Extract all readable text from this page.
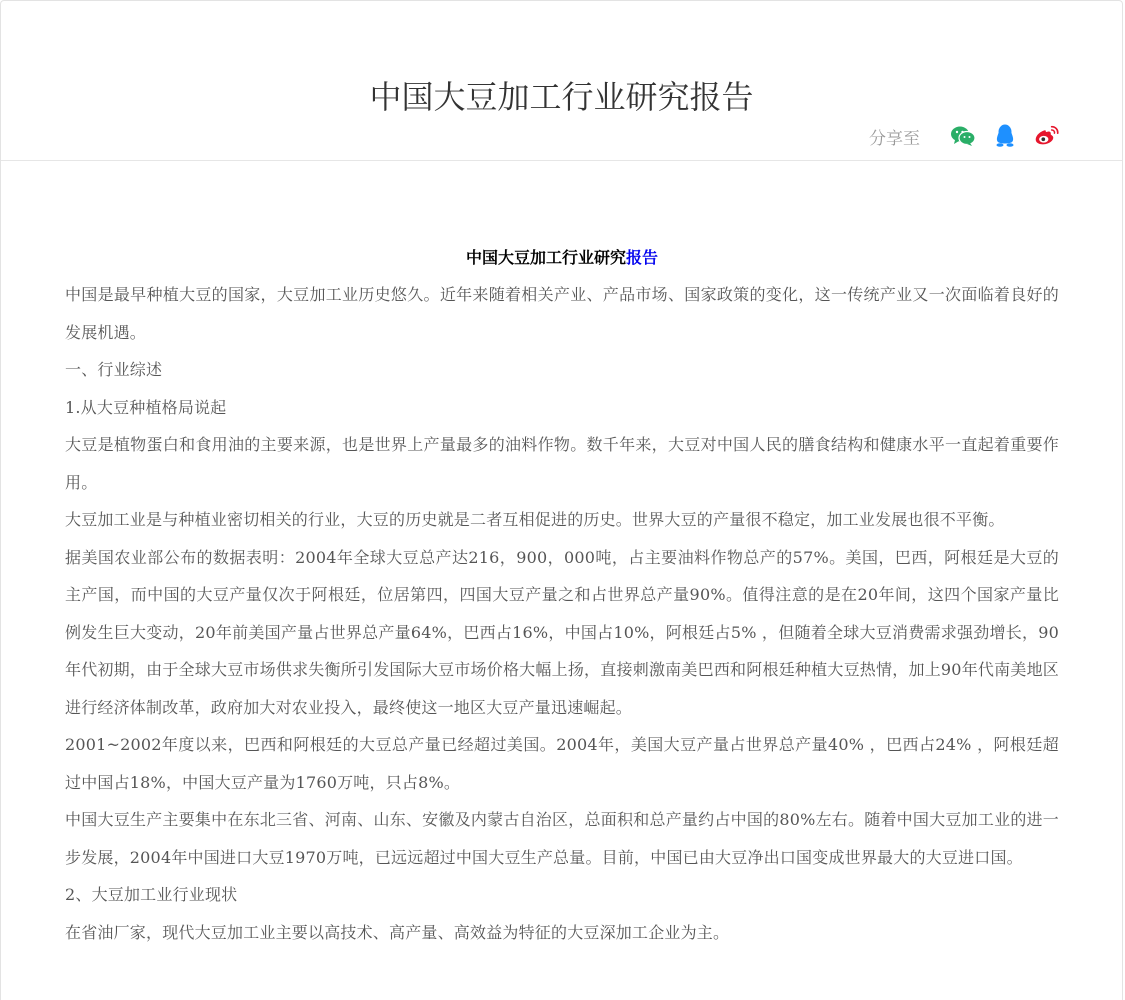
中国大豆加工行业研究报告
分享至
中国大豆加工行业研究报告

中国是最早种植大豆的国家，大豆加工业历史悠久。近年来随着相关产业、产品市场、国家政策的变化，这一传统产业又一次面临着良好的发展机遇。

一、行业综述

1.从大豆种植格局说起

大豆是植物蛋白和食用油的主要来源，也是世界上产量最多的油料作物。数千年来，大豆对中国人民的膳食结构和健康水平一直起着重要作用。

大豆加工业是与种植业密切相关的行业，大豆的历史就是二者互相促进的历史。世界大豆的产量很不稳定，加工业发展也很不平衡。

据美国农业部公布的数据表明：2004年全球大豆总产达216，900，000吨，占主要油料作物总产的57%。美国，巴西，阿根廷是大豆的主产国，而中国的大豆产量仅次于阿根廷，位居第四，四国大豆产量之和占世界总产量90%。值得注意的是在20年间，这四个国家产量比例发生巨大变动，20年前美国产量占世界总产量64%，巴西占16%，中国占10%，阿根廷占5% ，但随着全球大豆消费需求强劲增长，90年代初期，由于全球大豆市场供求失衡所引发国际大豆市场价格大幅上扬，直接刺激南美巴西和阿根廷种植大豆热情，加上90年代南美地区进行经济体制改革，政府加大对农业投入，最终使这一地区大豆产量迅速崛起。

2001~2002年度以来，巴西和阿根廷的大豆总产量已经超过美国。2004年，美国大豆产量占世界总产量40% ，巴西占24% ，阿根廷超过中国占18%，中国大豆产量为1760万吨，只占8%。

中国大豆生产主要集中在东北三省、河南、山东、安徽及内蒙古自治区，总面积和总产量约占中国的80%左右。随着中国大豆加工业的进一步发展，2004年中国进口大豆1970万吨，已远远超过中国大豆生产总量。目前，中国已由大豆净出口国变成世界最大的大豆进口国。

2、大豆加工业行业现状

在省油厂家，现代大豆加工业主要以高技术、高产量、高效益为特征的大豆深加工企业为主。
